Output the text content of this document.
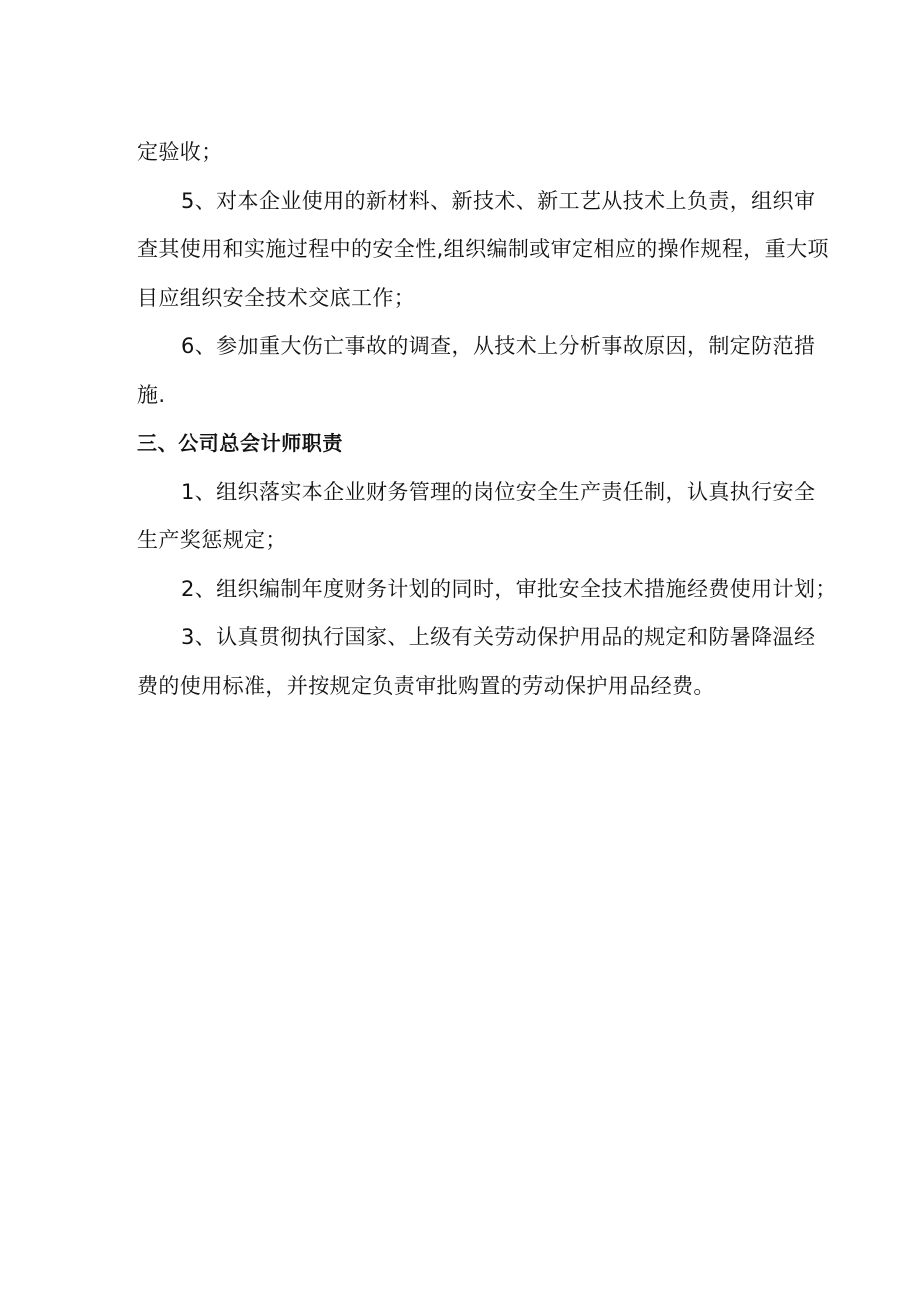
定验收；

5、对本企业使用的新材料、新技术、新工艺从技术上负责，组织审
查其使用和实施过程中的安全性,组织编制或审定相应的操作规程，重大项
目应组织安全技术交底工作；

6、参加重大伤亡事故的调查，从技术上分析事故原因，制定防范措
施.

三、公司总会计师职责

1、组织落实本企业财务管理的岗位安全生产责任制，认真执行安全
生产奖惩规定；

2、组织编制年度财务计划的同时，审批安全技术措施经费使用计划；

3、认真贯彻执行国家、上级有关劳动保护用品的规定和防暑降温经
费的使用标准，并按规定负责审批购置的劳动保护用品经费。
